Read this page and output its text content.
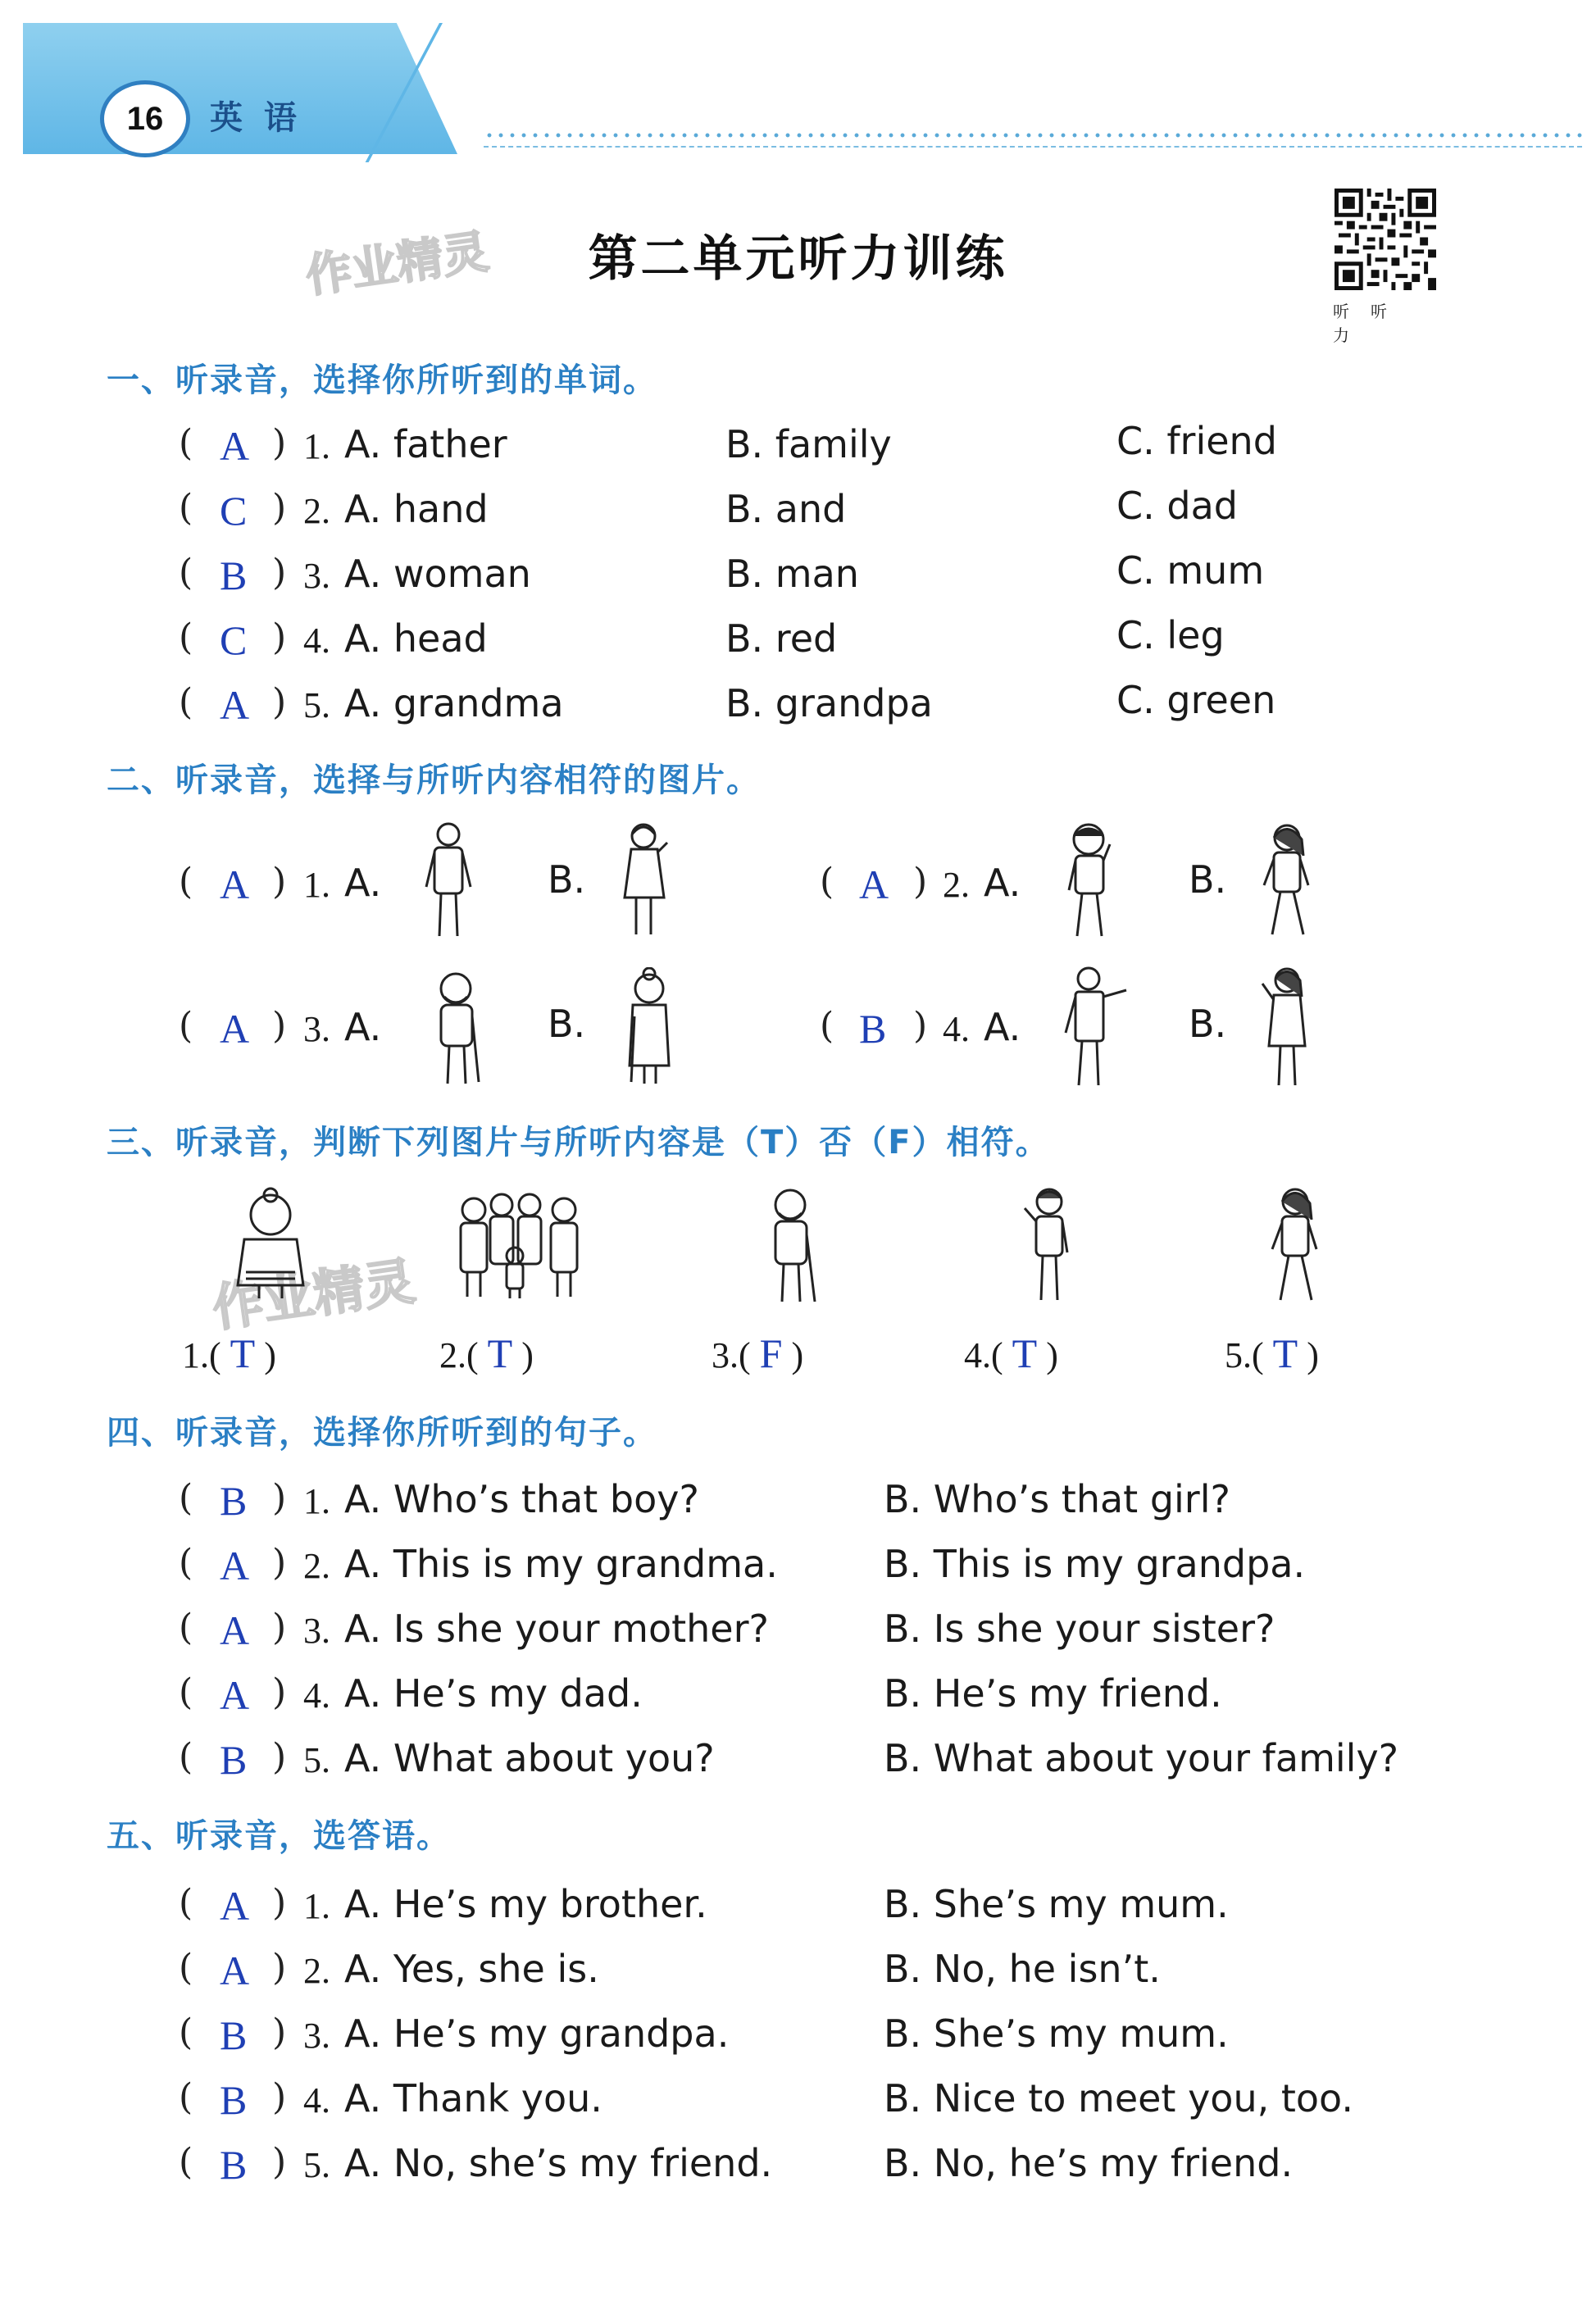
16 英 语
作业精灵
作业精灵
第二单元听力训练
听听力
一、听录音，选择你所听到的单词。
( A ) 1. A. father	B. family	C. friend
( C ) 2. A. hand	B. and	C. dad
( B ) 3. A. woman	B. man	C. mum
( C ) 4. A. head	B. red	C. leg
( A ) 5. A. grandma	B. grandpa	C. green
二、听录音，选择与所听内容相符的图片。
( A ) 1. A.	B.	( A ) 2. A.	B.
( A ) 3. A.	B.	( B ) 4. A.	B.
三、听录音，判断下列图片与所听内容是（T）否（F）相符。
1.( T )	2.( T )	3.( F )	4.( T )	5.( T )
四、听录音，选择你所听到的句子。
( B ) 1. A. Who’s that boy?	B. Who’s that girl?
( A ) 2. A. This is my grandma.	B. This is my grandpa.
( A ) 3. A. Is she your mother?	B. Is she your sister?
( A ) 4. A. He’s my dad.	B. He’s my friend.
( B ) 5. A. What about you?	B. What about your family?
五、听录音，选答语。
( A ) 1. A. He’s my brother.	B. She’s my mum.
( A ) 2. A. Yes, she is.	B. No, he isn’t.
( B ) 3. A. He’s my grandpa.	B. She’s my mum.
( B ) 4. A. Thank you.	B. Nice to meet you, too.
( B ) 5. A. No, she’s my friend.	B. No, he’s my friend.
